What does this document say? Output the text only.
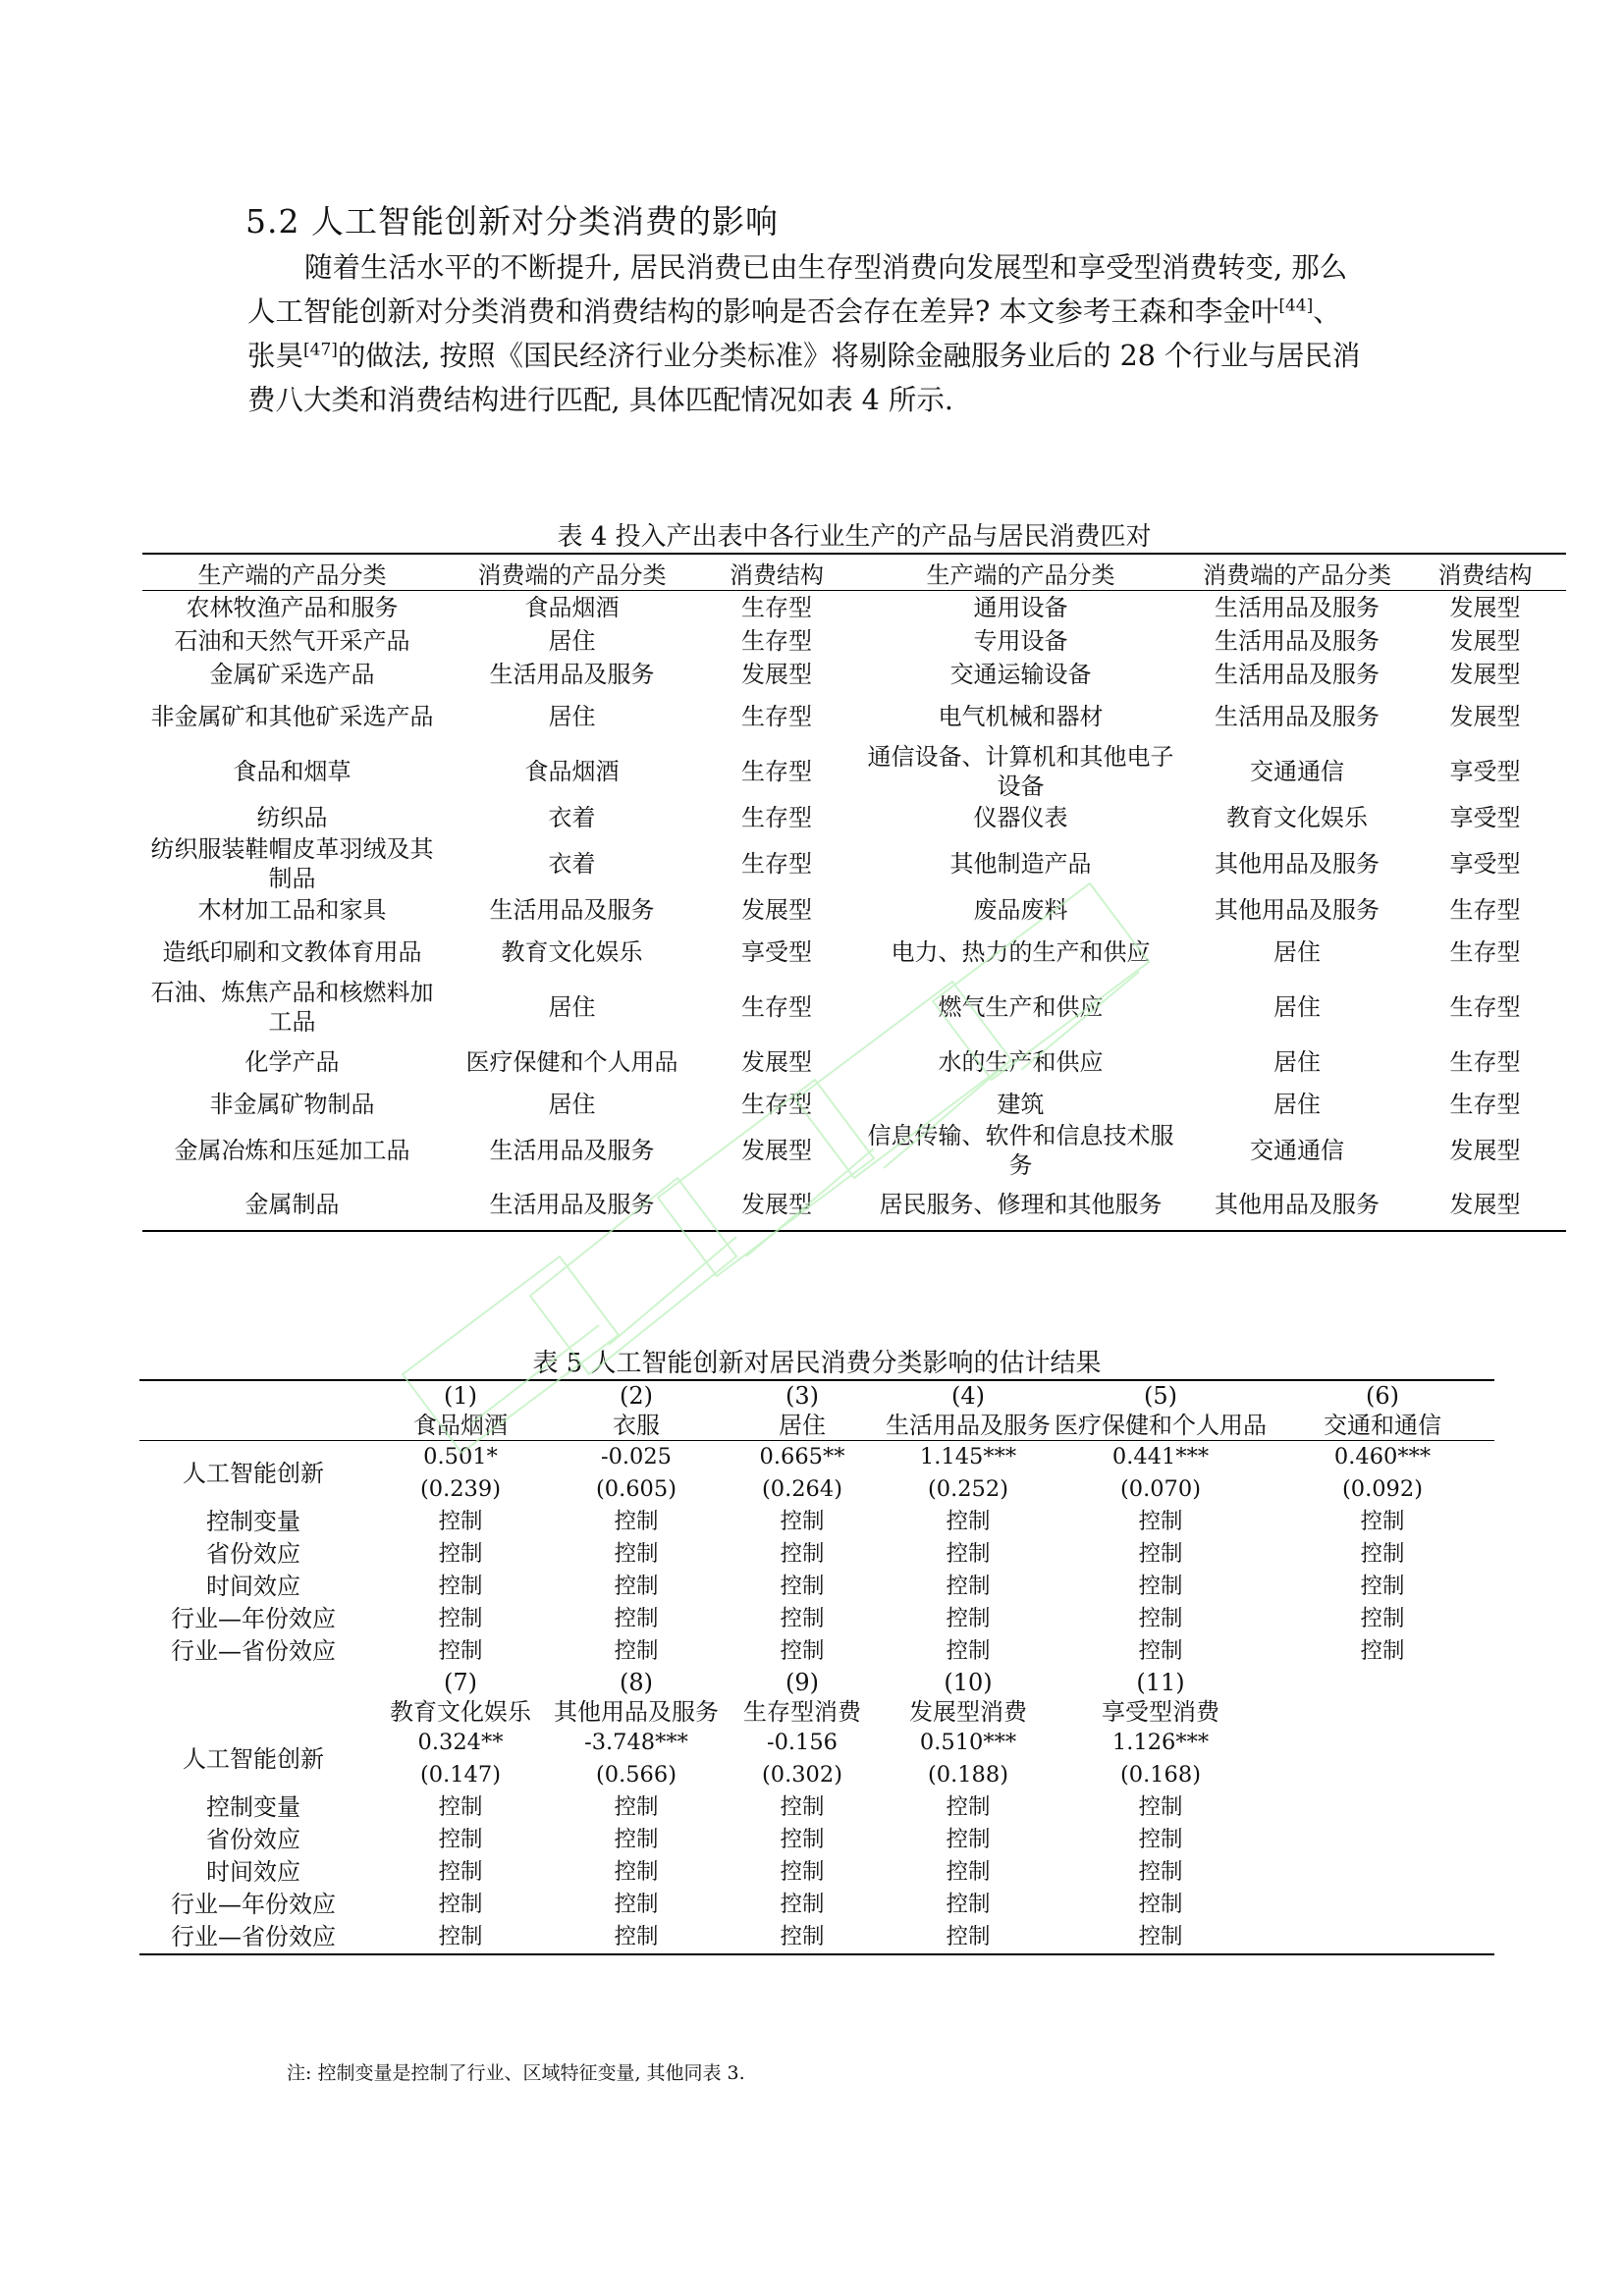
5.2 人工智能创新对分类消费的影响
随着生活水平的不断提升, 居民消费已由生存型消费向发展型和享受型消费转变, 那么
人工智能创新对分类消费和消费结构的影响是否会存在差异? 本文参考王森和李金叶[44]、
张昊[47]的做法, 按照《国民经济行业分类标准》将剔除金融服务业后的 28 个行业与居民消
费八大类和消费结构进行匹配, 具体匹配情况如表 4 所示.
表 4 投入产出表中各行业生产的产品与居民消费匹对
生产端的产品分类	消费端的产品分类	消费结构	生产端的产品分类	消费端的产品分类	消费结构
农林牧渔产品和服务	食品烟酒	生存型	通用设备	生活用品及服务	发展型
石油和天然气开采产品	居住	生存型	专用设备	生活用品及服务	发展型
金属矿采选产品	生活用品及服务	发展型	交通运输设备	生活用品及服务	发展型
非金属矿和其他矿采选产品	居住	生存型	电气机械和器材	生活用品及服务	发展型
食品和烟草	食品烟酒	生存型	通信设备、计算机和其他电子设备	交通通信	享受型
纺织品	衣着	生存型	仪器仪表	教育文化娱乐	享受型
纺织服装鞋帽皮革羽绒及其制品	衣着	生存型	其他制造产品	其他用品及服务	享受型
木材加工品和家具	生活用品及服务	发展型	废品废料	其他用品及服务	生存型
造纸印刷和文教体育用品	教育文化娱乐	享受型	电力、热力的生产和供应	居住	生存型
石油、炼焦产品和核燃料加工品	居住	生存型	燃气生产和供应	居住	生存型
化学产品	医疗保健和个人用品	发展型	水的生产和供应	居住	生存型
非金属矿物制品	居住	生存型	建筑	居住	生存型
金属冶炼和压延加工品	生活用品及服务	发展型	信息传输、软件和信息技术服务	交通通信	发展型
金属制品	生活用品及服务	发展型	居民服务、修理和其他服务	其他用品及服务	发展型
表 5 人工智能创新对居民消费分类影响的估计结果
	(1)	(2)	(3)	(4)	(5)	(6)
	食品烟酒	衣服	居住	生活用品及服务	医疗保健和个人用品	交通和通信
人工智能创新	0.501*	-0.025	0.665**	1.145***	0.441***	0.460***
	(0.239)	(0.605)	(0.264)	(0.252)	(0.070)	(0.092)
控制变量	控制	控制	控制	控制	控制	控制
省份效应	控制	控制	控制	控制	控制	控制
时间效应	控制	控制	控制	控制	控制	控制
行业—年份效应	控制	控制	控制	控制	控制	控制
行业—省份效应	控制	控制	控制	控制	控制	控制
	(7)	(8)	(9)	(10)	(11)	
	教育文化娱乐	其他用品及服务	生存型消费	发展型消费	享受型消费	
人工智能创新	0.324**	-3.748***	-0.156	0.510***	1.126***	
	(0.147)	(0.566)	(0.302)	(0.188)	(0.168)	
控制变量	控制	控制	控制	控制	控制	
省份效应	控制	控制	控制	控制	控制	
时间效应	控制	控制	控制	控制	控制	
行业—年份效应	控制	控制	控制	控制	控制	
行业—省份效应	控制	控制	控制	控制	控制	
注: 控制变量是控制了行业、区域特征变量, 其他同表 3.
